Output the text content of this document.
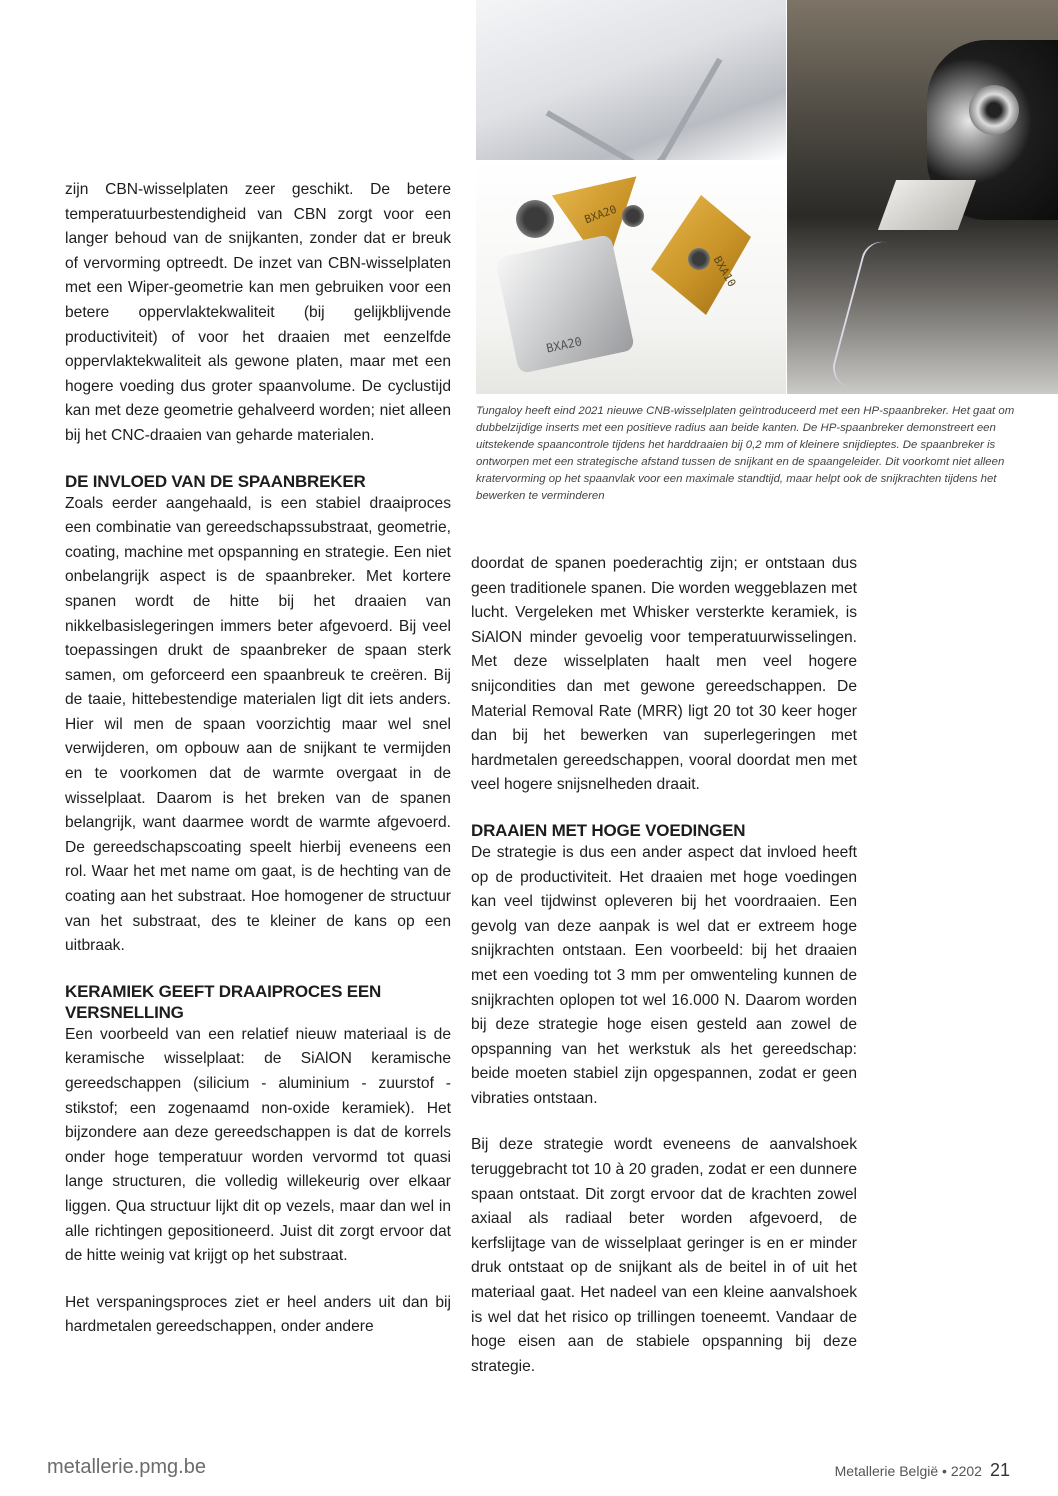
BXA20
BXA20
BXA10
Tungaloy heeft eind 2021 nieuwe CNB-wisselplaten geïntroduceerd met een HP-spaanbreker. Het gaat om dubbelzijdige inserts met een positieve radius aan beide kanten. De HP-spaanbreker demonstreert een uitstekende spaancontrole tijdens het harddraaien bij 0,2 mm of kleinere snijdieptes. De spaanbreker is ontworpen met een strategische afstand tussen de snijkant en de spaangeleider. Dit voorkomt niet alleen kratervorming op het spaanvlak voor een maximale standtijd, maar helpt ook de snijkrachten tijdens het bewerken te verminderen

zijn CBN-wisselplaten zeer geschikt. De betere temperatuurbestendigheid van CBN zorgt voor een langer behoud van de snijkanten, zonder dat er breuk of vervorming optreedt. De inzet van CBN-wisselplaten met een Wiper-geometrie kan men gebruiken voor een betere oppervlaktekwaliteit (bij gelijkblijvende productiviteit) of voor het draaien met eenzelfde oppervlaktekwaliteit als gewone platen, maar met een hogere voeding dus groter spaanvolume. De cyclustijd kan met deze geometrie gehalveerd worden; niet alleen bij het CNC-draaien van geharde materialen.

DE INVLOED VAN DE SPAANBREKER

Zoals eerder aangehaald, is een stabiel draaiproces een combinatie van gereedschapssubstraat, geometrie, coating, machine met opspanning en strategie. Een niet onbelangrijk aspect is de spaanbreker. Met kortere spanen wordt de hitte bij het draaien van nikkelbasislegeringen immers beter afgevoerd. Bij veel toepassingen drukt de spaanbreker de spaan sterk samen, om geforceerd een spaanbreuk te creëren. Bij de taaie, hittebestendige materialen ligt dit iets anders. Hier wil men de spaan voorzichtig maar wel snel verwijderen, om opbouw aan de snijkant te vermijden en te voorkomen dat de warmte overgaat in de wisselplaat. Daarom is het breken van de spanen belangrijk, want daarmee wordt de warmte afgevoerd. De gereedschapscoating speelt hierbij eveneens een rol. Waar het met name om gaat, is de hechting van de coating aan het substraat. Hoe homogener de structuur van het substraat, des te kleiner de kans op een uitbraak.

KERAMIEK GEEFT DRAAIPROCES EEN VERSNELLING

Een voorbeeld van een relatief nieuw materiaal is de keramische wisselplaat: de SiAlON keramische gereedschappen (silicium - aluminium - zuurstof - stikstof; een zogenaamd non-oxide keramiek). Het bijzondere aan deze gereedschappen is dat de korrels onder hoge temperatuur worden vervormd tot quasi lange structuren, die volledig willekeurig over elkaar liggen. Qua structuur lijkt dit op vezels, maar dan wel in alle richtingen gepositioneerd. Juist dit zorgt ervoor dat de hitte weinig vat krijgt op het substraat.

Het verspaningsproces ziet er heel anders uit dan bij hardmetalen gereedschappen, onder andere

doordat de spanen poederachtig zijn; er ontstaan dus geen traditionele spanen. Die worden weggeblazen met lucht. Vergeleken met Whisker versterkte keramiek, is SiAlON minder gevoelig voor temperatuurwisselingen. Met deze wisselplaten haalt men veel hogere snijcondities dan met gewone gereedschappen. De Material Removal Rate (MRR) ligt 20 tot 30 keer hoger dan bij het bewerken van superlegeringen met hardmetalen gereedschappen, vooral doordat men met veel hogere snijsnelheden draait.

DRAAIEN MET HOGE VOEDINGEN

De strategie is dus een ander aspect dat invloed heeft op de productiviteit. Het draaien met hoge voedingen kan veel tijdwinst opleveren bij het voordraaien. Een gevolg van deze aanpak is wel dat er extreem hoge snijkrachten ontstaan. Een voorbeeld: bij het draaien met een voeding tot 3 mm per omwenteling kunnen de snijkrachten oplopen tot wel 16.000 N. Daarom worden bij deze strategie hoge eisen gesteld aan zowel de opspanning van het werkstuk als het gereedschap: beide moeten stabiel zijn opgespannen, zodat er geen vibraties ontstaan.

Bij deze strategie wordt eveneens de aanvalshoek teruggebracht tot 10 à 20 graden, zodat er een dunnere spaan ontstaat. Dit zorgt ervoor dat de krachten zowel axiaal als radiaal beter worden afgevoerd, de kerfslijtage van de wisselplaat geringer is en er minder druk ontstaat op de snijkant als de beitel in of uit het materiaal gaat. Het nadeel van een kleine aanvalshoek is wel dat het risico op trillingen toeneemt. Vandaar de hoge eisen aan de stabiele opspanning bij deze strategie.

metallerie.pmg.be	Metallerie België • 2202 21
